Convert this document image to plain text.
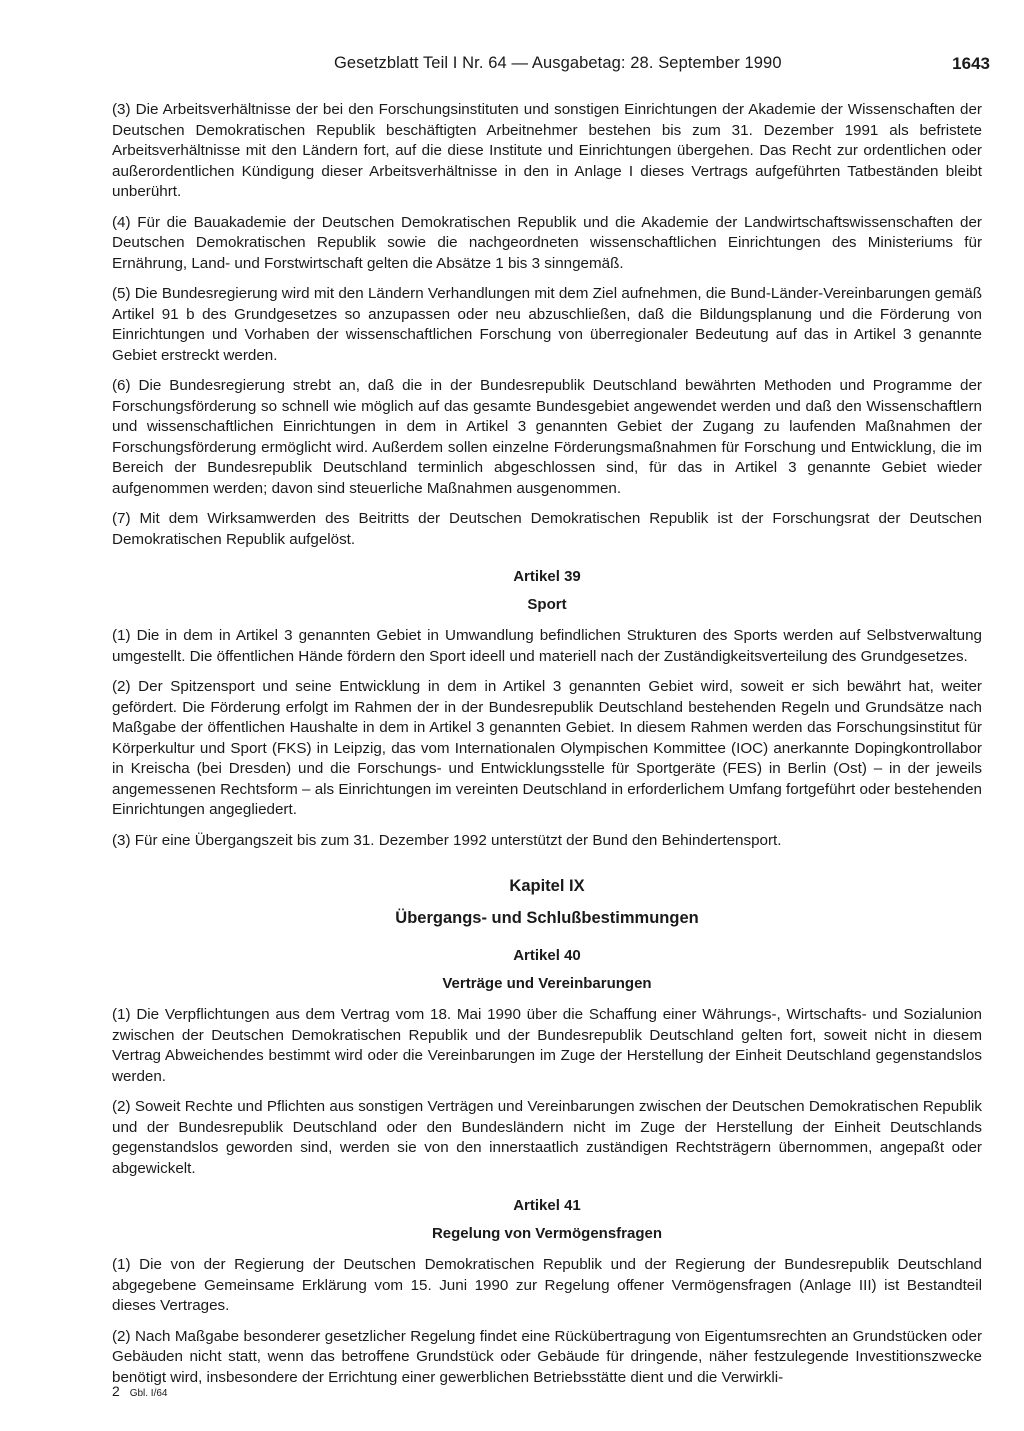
Gesetzblatt Teil I Nr. 64 — Ausgabetag: 28. September 1990	1643

(3) Die Arbeitsverhältnisse der bei den Forschungsinstituten und sonstigen Einrichtungen der Akademie der Wissenschaften der Deutschen Demokratischen Republik beschäftigten Arbeitnehmer bestehen bis zum 31. Dezember 1991 als befristete Arbeitsverhältnisse mit den Ländern fort, auf die diese Institute und Einrichtungen übergehen. Das Recht zur ordentlichen oder außerordentlichen Kündigung dieser Arbeitsverhältnisse in den in Anlage I dieses Vertrags aufgeführten Tatbeständen bleibt unberührt.

(4) Für die Bauakademie der Deutschen Demokratischen Republik und die Akademie der Landwirtschaftswissenschaften der Deutschen Demokratischen Republik sowie die nachgeordneten wissenschaftlichen Einrichtungen des Ministeriums für Ernährung, Land- und Forstwirtschaft gelten die Absätze 1 bis 3 sinngemäß.

(5) Die Bundesregierung wird mit den Ländern Verhandlungen mit dem Ziel aufnehmen, die Bund-Länder-Vereinbarungen gemäß Artikel 91 b des Grundgesetzes so anzupassen oder neu abzuschließen, daß die Bildungsplanung und die Förderung von Einrichtungen und Vorhaben der wissenschaftlichen Forschung von überregionaler Bedeutung auf das in Artikel 3 genannte Gebiet erstreckt werden.

(6) Die Bundesregierung strebt an, daß die in der Bundesrepublik Deutschland bewährten Methoden und Programme der Forschungsförderung so schnell wie möglich auf das gesamte Bundesgebiet angewendet werden und daß den Wissenschaftlern und wissenschaftlichen Einrichtungen in dem in Artikel 3 genannten Gebiet der Zugang zu laufenden Maßnahmen der Forschungsförderung ermöglicht wird. Außerdem sollen einzelne Förderungsmaßnahmen für Forschung und Entwicklung, die im Bereich der Bundesrepublik Deutschland terminlich abgeschlossen sind, für das in Artikel 3 genannte Gebiet wieder aufgenommen werden; davon sind steuerliche Maßnahmen ausgenommen.

(7) Mit dem Wirksamwerden des Beitritts der Deutschen Demokratischen Republik ist der Forschungsrat der Deutschen Demokratischen Republik aufgelöst.

Artikel 39
Sport

(1) Die in dem in Artikel 3 genannten Gebiet in Umwandlung befindlichen Strukturen des Sports werden auf Selbstverwaltung umgestellt. Die öffentlichen Hände fördern den Sport ideell und materiell nach der Zuständigkeitsverteilung des Grundgesetzes.

(2) Der Spitzensport und seine Entwicklung in dem in Artikel 3 genannten Gebiet wird, soweit er sich bewährt hat, weiter gefördert. Die Förderung erfolgt im Rahmen der in der Bundesrepublik Deutschland bestehenden Regeln und Grundsätze nach Maßgabe der öffentlichen Haushalte in dem in Artikel 3 genannten Gebiet. In diesem Rahmen werden das Forschungsinstitut für Körperkultur und Sport (FKS) in Leipzig, das vom Internationalen Olympischen Kommittee (IOC) anerkannte Dopingkontrollabor in Kreischa (bei Dresden) und die Forschungs- und Entwicklungsstelle für Sportgeräte (FES) in Berlin (Ost) – in der jeweils angemessenen Rechtsform – als Einrichtungen im vereinten Deutschland in erforderlichem Umfang fortgeführt oder bestehenden Einrichtungen angegliedert.

(3) Für eine Übergangszeit bis zum 31. Dezember 1992 unterstützt der Bund den Behindertensport.

Kapitel IX
Übergangs- und Schlußbestimmungen
Artikel 40
Verträge und Vereinbarungen

(1) Die Verpflichtungen aus dem Vertrag vom 18. Mai 1990 über die Schaffung einer Währungs-, Wirtschafts- und Sozialunion zwischen der Deutschen Demokratischen Republik und der Bundesrepublik Deutschland gelten fort, soweit nicht in diesem Vertrag Abweichendes bestimmt wird oder die Vereinbarungen im Zuge der Herstellung der Einheit Deutschland gegenstandslos werden.

(2) Soweit Rechte und Pflichten aus sonstigen Verträgen und Vereinbarungen zwischen der Deutschen Demokratischen Republik und der Bundesrepublik Deutschland oder den Bundesländern nicht im Zuge der Herstellung der Einheit Deutschlands gegenstandslos geworden sind, werden sie von den innerstaatlich zuständigen Rechtsträgern übernommen, angepaßt oder abgewickelt.

Artikel 41
Regelung von Vermögensfragen

(1) Die von der Regierung der Deutschen Demokratischen Republik und der Regierung der Bundesrepublik Deutschland abgegebene Gemeinsame Erklärung vom 15. Juni 1990 zur Regelung offener Vermögensfragen (Anlage III) ist Bestandteil dieses Vertrages.

(2) Nach Maßgabe besonderer gesetzlicher Regelung findet eine Rückübertragung von Eigentumsrechten an Grundstücken oder Gebäuden nicht statt, wenn das betroffene Grundstück oder Gebäude für dringende, näher festzulegende Investitionszwecke benötigt wird, insbesondere der Errichtung einer gewerblichen Betriebsstätte dient und die Verwirkli-

2 Gbl. I/64
